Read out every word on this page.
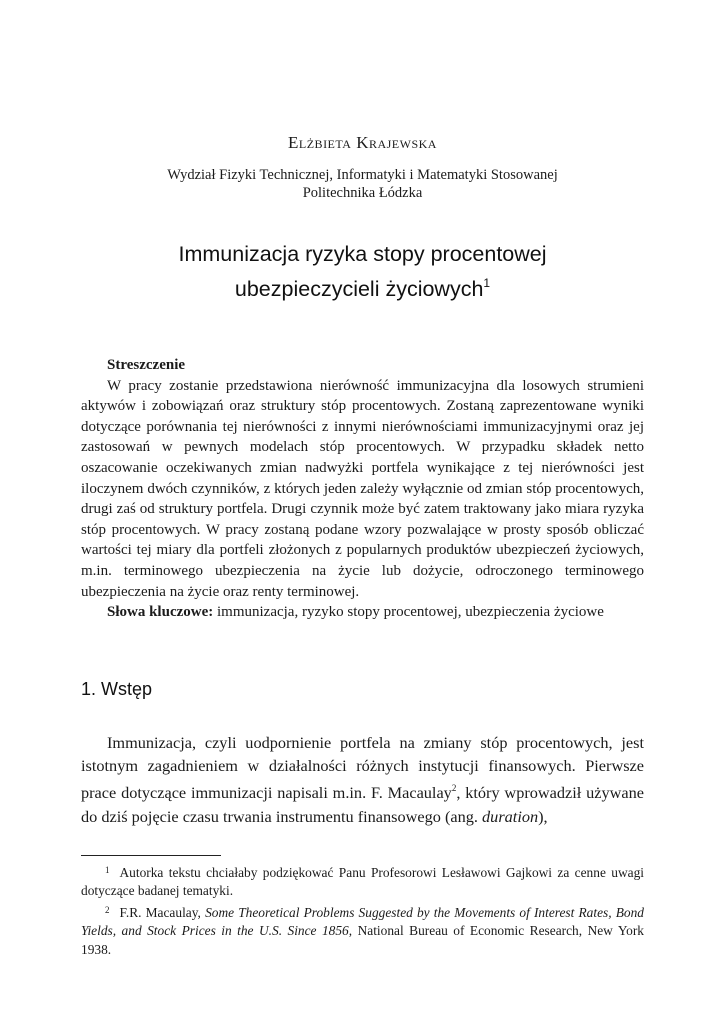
Elżbieta Krajewska
Wydział Fizyki Technicznej, Informatyki i Matematyki Stosowanej
Politechnika Łódzka
Immunizacja ryzyka stopy procentowej
ubezpieczycieli życiowych$^1$

Streszczenie

W pracy zostanie przedstawiona nierówność immunizacyjna dla losowych strumieni aktywów i zobowiązań oraz struktury stóp procentowych. Zostaną zaprezentowane wyniki dotyczące porównania tej nierówności z innymi nierównościami immunizacyjnymi oraz jej zastosowań w pewnych modelach stóp procentowych. W przypadku składek netto oszacowanie oczekiwanych zmian nadwyżki portfela wynikające z tej nierówności jest iloczynem dwóch czynników, z których jeden zależy wyłącznie od zmian stóp procentowych, drugi zaś od struktury portfela. Drugi czynnik może być zatem traktowany jako miara ryzyka stóp procentowych. W pracy zostaną podane wzory pozwalające w prosty sposób obliczać wartości tej miary dla portfeli złożonych z popularnych produktów ubezpieczeń życiowych, m.in. terminowego ubezpieczenia na życie lub dożycie, odroczonego terminowego ubezpieczenia na życie oraz renty terminowej.

Słowa kluczowe: immunizacja, ryzyko stopy procentowej, ubezpieczenia życiowe

1. Wstęp

Immunizacja, czyli uodpornienie portfela na zmiany stóp procentowych, jest istotnym zagadnieniem w działalności różnych instytucji finansowych. Pierwsze prace dotyczące immunizacji napisali m.in. F. Macaulay$^2$, który wprowadził używane do dziś pojęcie czasu trwania instrumentu finansowego (ang. duration),

1 Autorka tekstu chciałaby podziękować Panu Profesorowi Lesławowi Gajkowi za cenne uwagi dotyczące badanej tematyki.

2 F.R. Macaulay, Some Theoretical Problems Suggested by the Movements of Interest Rates, Bond Yields, and Stock Prices in the U.S. Since 1856, National Bureau of Economic Research, New York 1938.
